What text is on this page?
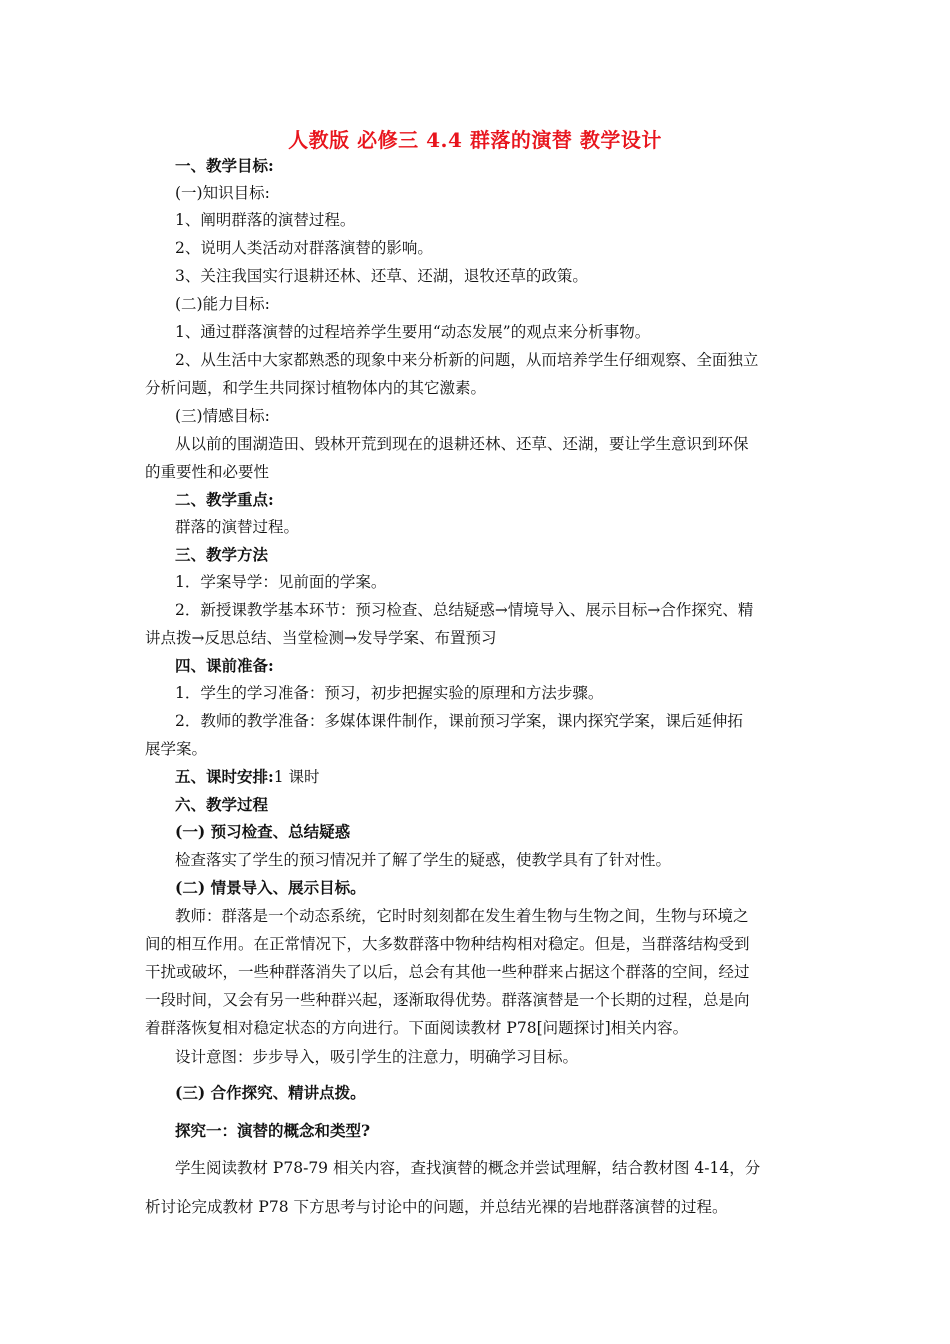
人教版 必修三 4.4 群落的演替 教学设计
一、教学目标:
(一)知识目标:
1、阐明群落的演替过程。
2、说明人类活动对群落演替的影响。
3、关注我国实行退耕还林、还草、还湖，退牧还草的政策。
(二)能力目标:
1、通过群落演替的过程培养学生要用“动态发展”的观点来分析事物。
2、从生活中大家都熟悉的现象中来分析新的问题，从而培养学生仔细观察、全面独立
分析问题，和学生共同探讨植物体内的其它激素。
(三)情感目标:
从以前的围湖造田、毁林开荒到现在的退耕还林、还草、还湖，要让学生意识到环保
的重要性和必要性
二、教学重点:
群落的演替过程。
三、教学方法
1．学案导学：见前面的学案。
2．新授课教学基本环节：预习检查、总结疑惑→情境导入、展示目标→合作探究、精
讲点拨→反思总结、当堂检测→发导学案、布置预习
四、课前准备:
1．学生的学习准备：预习，初步把握实验的原理和方法步骤。
2．教师的教学准备：多媒体课件制作，课前预习学案，课内探究学案，课后延伸拓
展学案。
五、课时安排:1 课时
六、教学过程
(一) 预习检查、总结疑惑
检查落实了学生的预习情况并了解了学生的疑惑，使教学具有了针对性。
(二) 情景导入、展示目标。
教师：群落是一个动态系统，它时时刻刻都在发生着生物与生物之间，生物与环境之
间的相互作用。在正常情况下，大多数群落中物种结构相对稳定。但是，当群落结构受到
干扰或破坏，一些种群落消失了以后，总会有其他一些种群来占据这个群落的空间，经过
一段时间，又会有另一些种群兴起，逐渐取得优势。群落演替是一个长期的过程，总是向
着群落恢复相对稳定状态的方向进行。下面阅读教材 P78[问题探讨]相关内容。
设计意图：步步导入，吸引学生的注意力，明确学习目标。
(三) 合作探究、精讲点拨。
探究一：演替的概念和类型?
学生阅读教材 P78-79 相关内容，查找演替的概念并尝试理解，结合教材图 4-14，分
析讨论完成教材 P78 下方思考与讨论中的问题，并总结光裸的岩地群落演替的过程。
